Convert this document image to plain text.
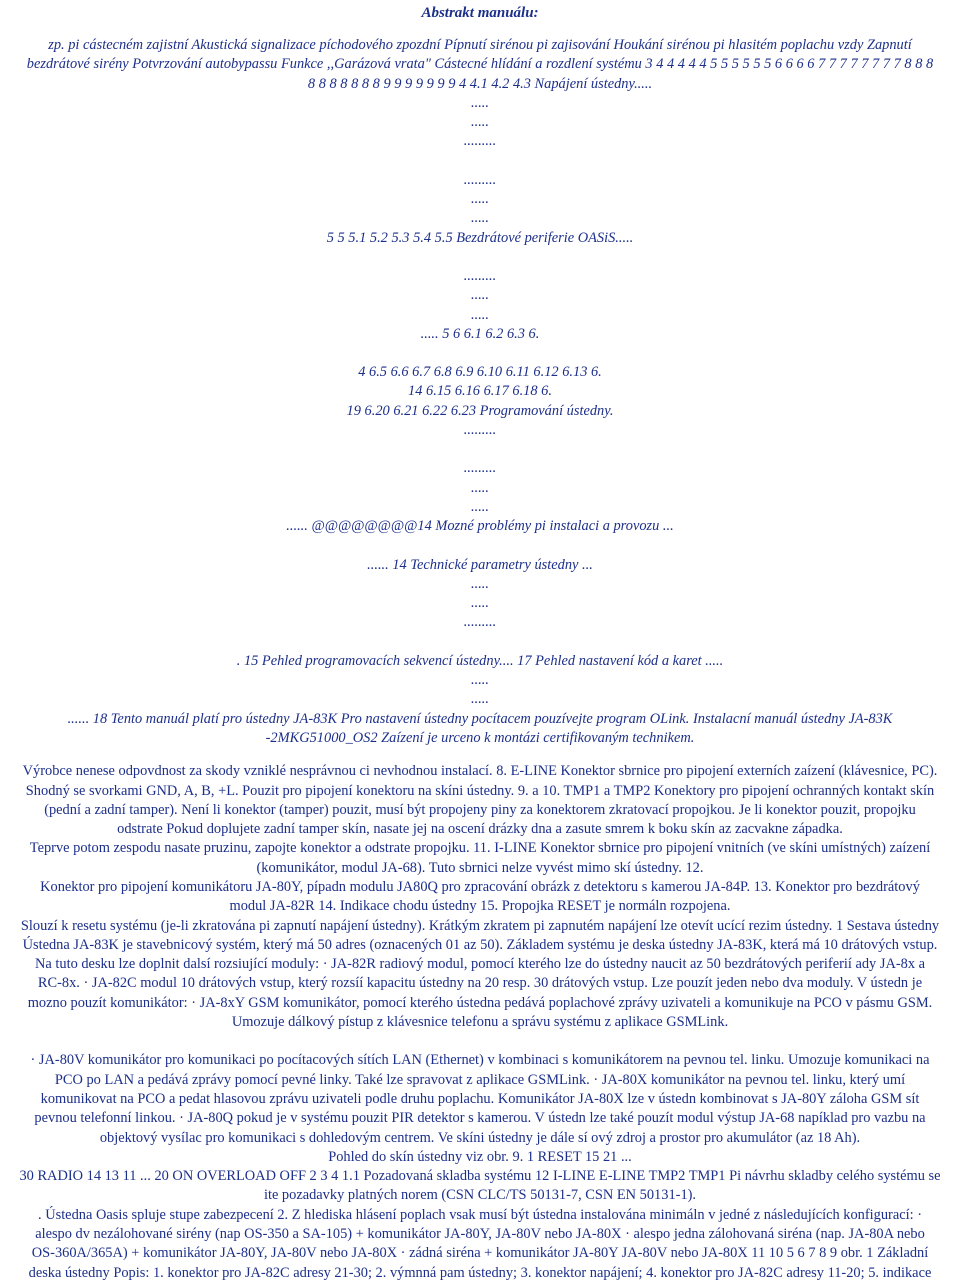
Abstrakt manuálu:
zp. pi cástecném zajistní Akustická signalizace píchodového zpozdní Pípnutí sirénou pi zajisování Houkání sirénou pi hlasitém poplachu vzdy Zapnutí
bezdrátové sirény Potvrzování autobypassu Funkce ,,Garázová vrata" Cástecné hlídání a rozdlení systému 3 4 4 4 4 4 5 5 5 5 5 5 6 6 6 6 7 7 7 7 7 7 7 7 8 8 8
8 8 8 8 8 8 8 9 9 9 9 9 9 9 4 4.1 4.2 4.3 Napájení ústedny.....
.....
.....
.........
.........
.....
.....
5 5 5.1 5.2 5.3 5.4 5.5 Bezdrátové periferie OASiS.....
.........
.....
.....
..... 5 6 6.1 6.2 6.3 6.
4 6.5 6.6 6.7 6.8 6.9 6.10 6.11 6.12 6.13 6.
14 6.15 6.16 6.17 6.18 6.
19 6.20 6.21 6.22 6.23 Programování ústedny.
.........
.........
.....
.....
...... @@@@@@@@14 Mozné problémy pi instalaci a provozu ...
...... 14 Technické parametry ústedny ...
.....
.....
.........
. 15 Pehled programovacích sekvencí ústedny.... 17 Pehled nastavení kód a karet .....
.....
.....
...... 18 Tento manuál platí pro ústedny JA-83K Pro nastavení ústedny pocítacem pouzívejte program OLink. Instalacní manuál ústedny JA-83K
-2MKG51000_OS2 Zaízení je urceno k montázi certifikovaným technikem.
Výrobce nenese odpovdnost za skody vzniklé nesprávnou ci nevhodnou instalací. 8. E-LINE Konektor sbrnice pro pipojení externích zaízení (klávesnice, PC).
Shodný se svorkami GND, A, B, +L. Pouzit pro pipojení konektoru na skíni ústedny. 9. a 10. TMP1 a TMP2 Konektory pro pipojení ochranných kontakt skín
(pední a zadní tamper). Není li konektor (tamper) pouzit, musí být propojeny piny za konektorem zkratovací propojkou. Je li konektor pouzit, propojku
odstrate Pokud doplujete zadní tamper skín, nasate jej na oscení drázky dna a zasute smrem k boku skín az zacvakne západka.
Teprve potom zespodu nasate pruzinu, zapojte konektor a odstrate propojku. 11. I-LINE Konektor sbrnice pro pipojení vnitních (ve skíni umístných) zaízení
(komunikátor, modul JA-68). Tuto sbrnici nelze vyvést mimo skí ústedny. 12.
Konektor pro pipojení komunikátoru JA-80Y, pípadn modulu JA80Q pro zpracování obrázk z detektoru s kamerou JA-84P. 13. Konektor pro bezdrátový
modul JA-82R 14. Indikace chodu ústedny 15. Propojka RESET je normáln rozpojena.
Slouzí k resetu systému (je-li zkratována pi zapnutí napájení ústedny). Krátkým zkratem pi zapnutém napájení lze otevít ucící rezim ústedny. 1 Sestava ústedny
Ústedna JA-83K je stavebnicový systém, který má 50 adres (oznacených 01 az 50). Základem systému je deska ústedny JA-83K, která má 10 drátových vstup.
Na tuto desku lze doplnit dalsí rozsiující moduly: · JA-82R radiový modul, pomocí kterého lze do ústedny naucit az 50 bezdrátových periferií ady JA-8x a
RC-8x. · JA-82C modul 10 drátových vstup, který rozsíí kapacitu ústedny na 20 resp. 30 drátových vstup. Lze pouzít jeden nebo dva moduly. V ústedn je
mozno pouzít komunikátor: · JA-8xY GSM komunikátor, pomocí kterého ústedna pedává poplachové zprávy uzivateli a komunikuje na PCO v pásmu GSM.
Umozuje dálkový pístup z klávesnice telefonu a správu systému z aplikace GSMLink.
· JA-80V komunikátor pro komunikaci po pocítacových sítích LAN (Ethernet) v kombinaci s komunikátorem na pevnou tel. linku. Umozuje komunikaci na
PCO po LAN a pedává zprávy pomocí pevné linky. Také lze spravovat z aplikace GSMLink. · JA-80X komunikátor na pevnou tel. linku, který umí
komunikovat na PCO a pedat hlasovou zprávu uzivateli podle druhu poplachu. Komunikátor JA-80X lze v ústedn kombinovat s JA-80Y záloha GSM sít
pevnou telefonní linkou. · JA-80Q pokud je v systému pouzit PIR detektor s kamerou. V ústedn lze také pouzít modul výstup JA-68 napíklad pro vazbu na
objektový vysílac pro komunikaci s dohledovým centrem. Ve skíni ústedny je dále sí ový zdroj a prostor pro akumulátor (az 18 Ah).
Pohled do skín ústedny viz obr. 9. 1 RESET 15 21 ...
30 RADIO 14 13 11 ... 20 ON OVERLOAD OFF 2 3 4 1.1 Pozadovaná skladba systému 12 I-LINE E-LINE TMP2 TMP1 Pi návrhu skladby celého systému se
ite pozadavky platných norem (CSN CLC/TS 50131-7, CSN EN 50131-1).
. Ústedna Oasis spluje stupe zabezpecení 2. Z hlediska hlásení poplach vsak musí být ústedna instalována minimáln v jedné z následujících konfigurací: ·
alespo dv nezálohované sirény (nap OS-350 a SA-105) + komunikátor JA-80Y, JA-80V nebo JA-80X · alespo jedna zálohovaná siréna (nap. JA-80A nebo
OS-360A/365A) + komunikátor JA-80Y, JA-80V nebo JA-80X · zádná siréna + komunikátor JA-80Y JA-80V nebo JA-80X 11 10 5 6 7 8 9 obr. 1 Základní
deska ústedny Popis: 1. konektor pro JA-82C adresy 21-30; 2. výmnná pam ústedny; 3. konektor napájení; 4. konektor pro JA-82C adresy 11-20; 5. indikace
